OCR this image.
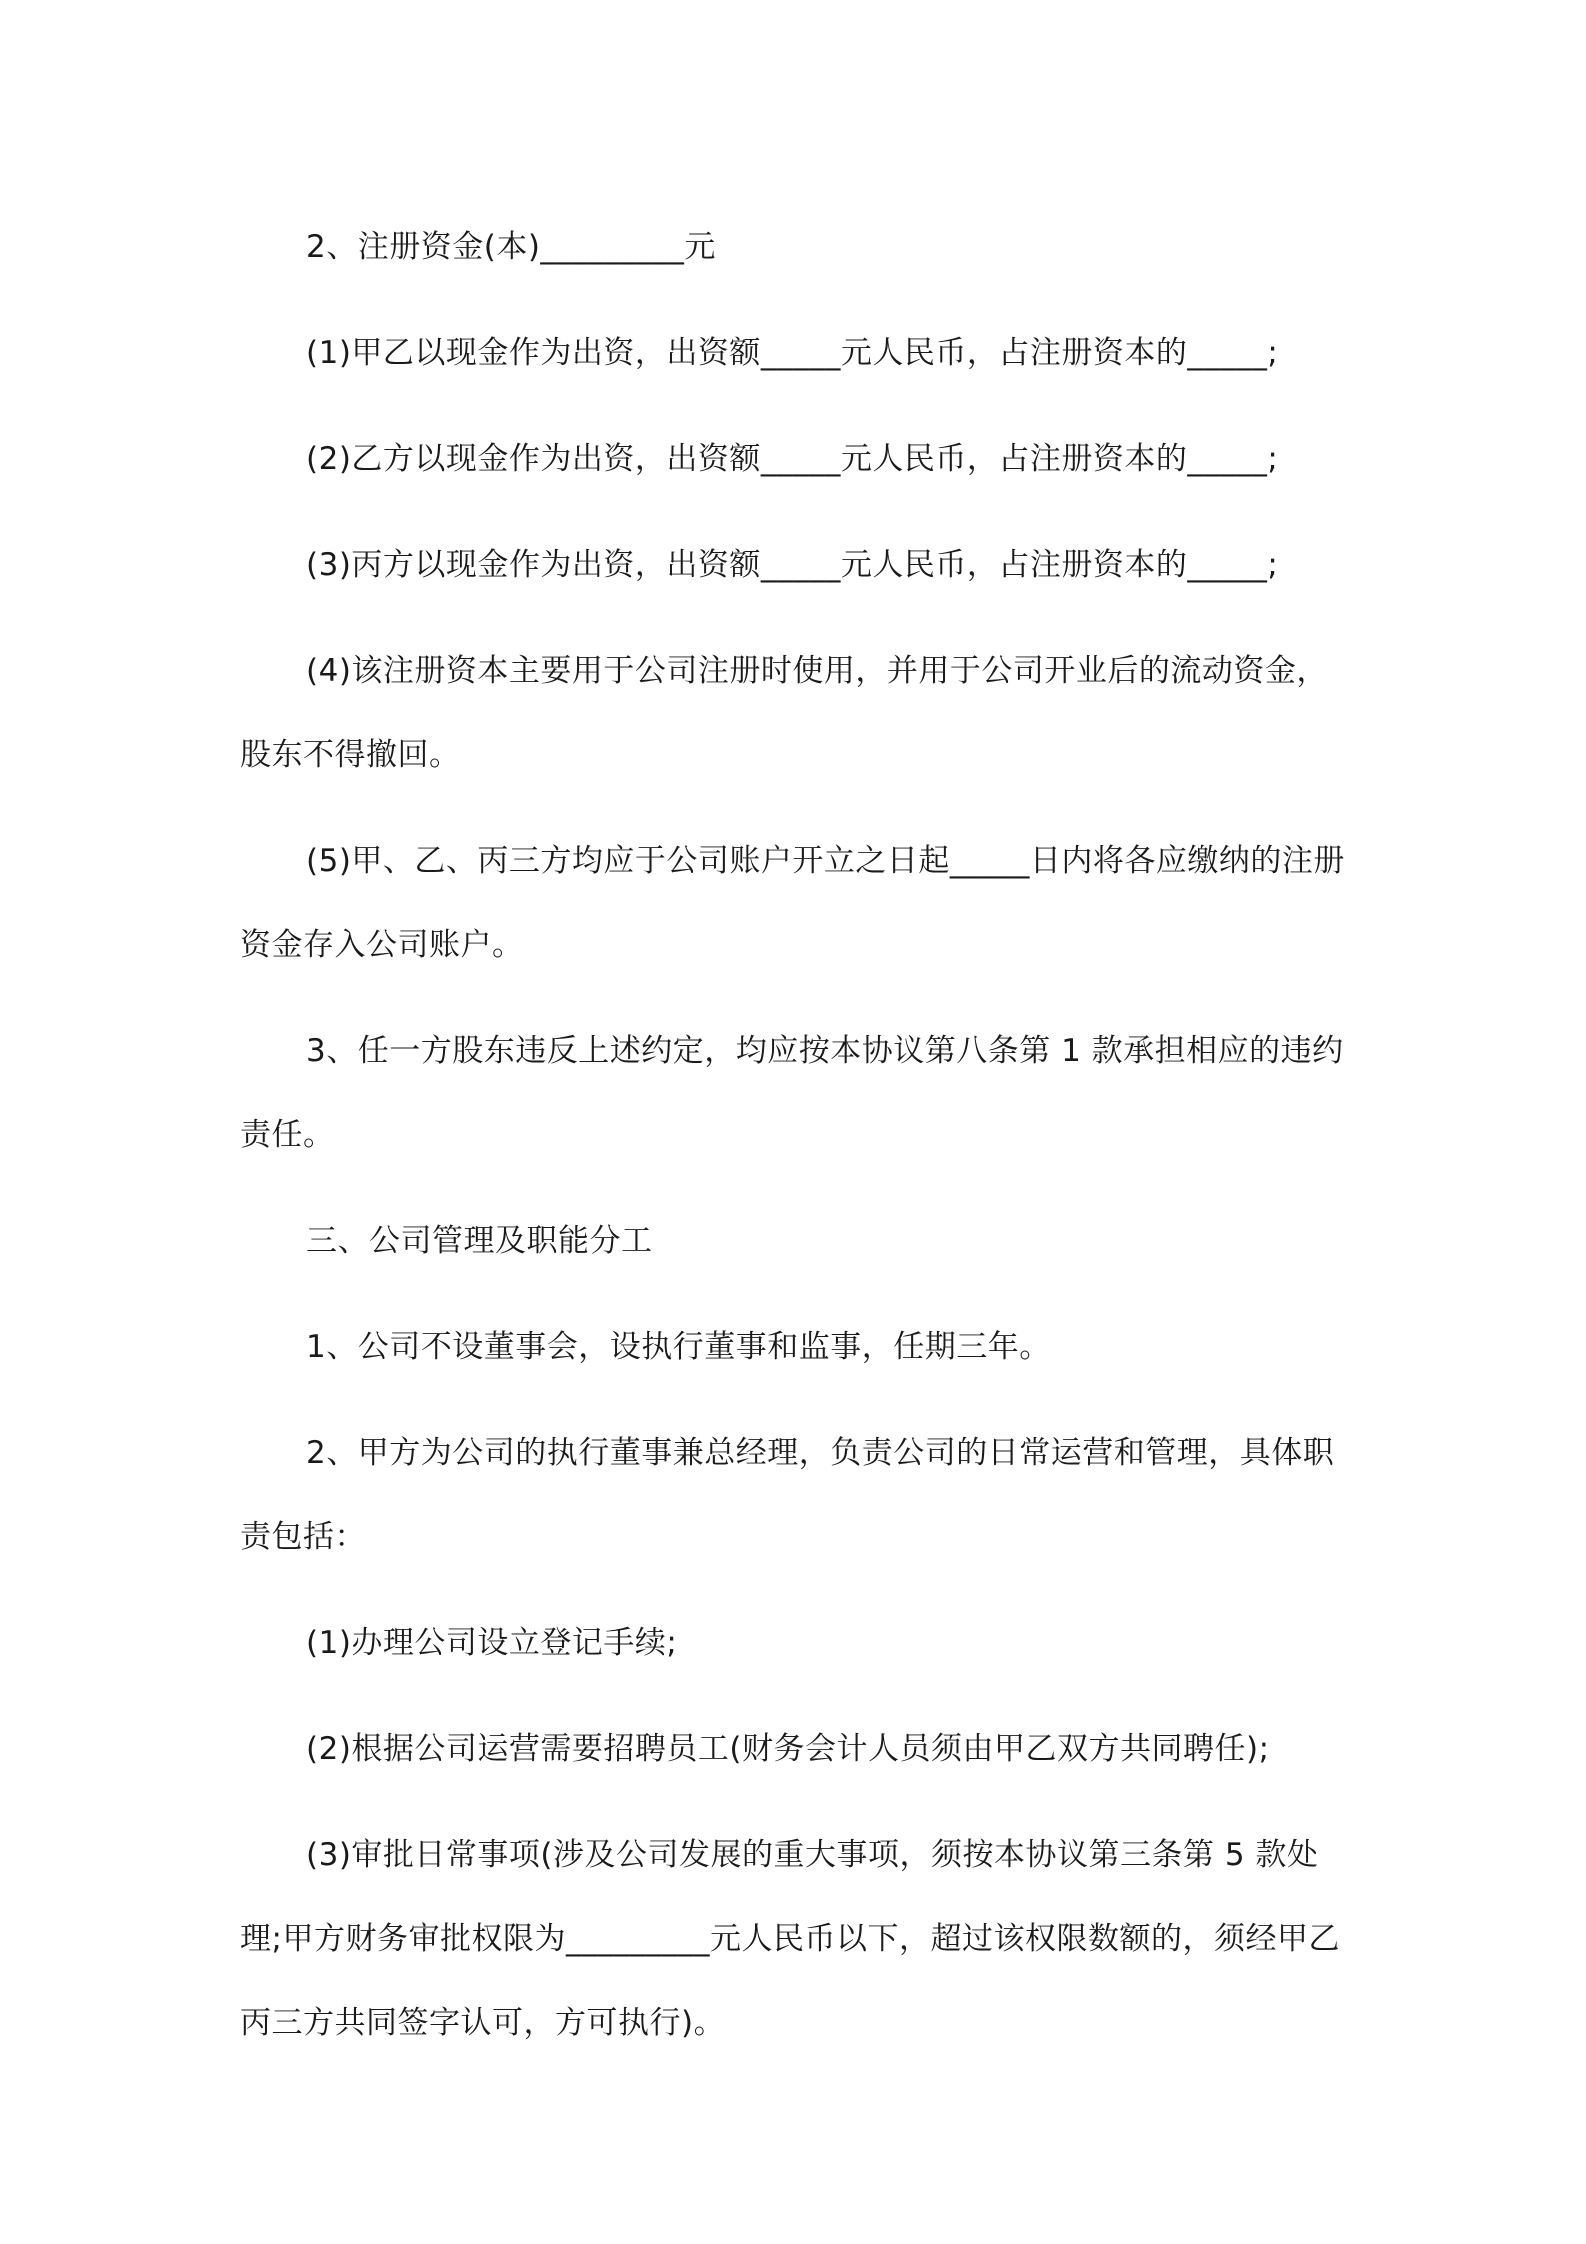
2、注册资金(本)_________元

(1)甲乙以现金作为出资，出资额_____元人民币，占注册资本的_____;

(2)乙方以现金作为出资，出资额_____元人民币，占注册资本的_____;

(3)丙方以现金作为出资，出资额_____元人民币，占注册资本的_____;

(4)该注册资本主要用于公司注册时使用，并用于公司开业后的流动资金，股东不得撤回。

(5)甲、乙、丙三方均应于公司账户开立之日起_____日内将各应缴纳的注册资金存入公司账户。

3、任一方股东违反上述约定，均应按本协议第八条第 1 款承担相应的违约责任。

三、公司管理及职能分工

1、公司不设董事会，设执行董事和监事，任期三年。

2、甲方为公司的执行董事兼总经理，负责公司的日常运营和管理，具体职责包括：

(1)办理公司设立登记手续;

(2)根据公司运营需要招聘员工(财务会计人员须由甲乙双方共同聘任);

(3)审批日常事项(涉及公司发展的重大事项，须按本协议第三条第 5 款处理;甲方财务审批权限为_________元人民币以下，超过该权限数额的，须经甲乙丙三方共同签字认可，方可执行)。
